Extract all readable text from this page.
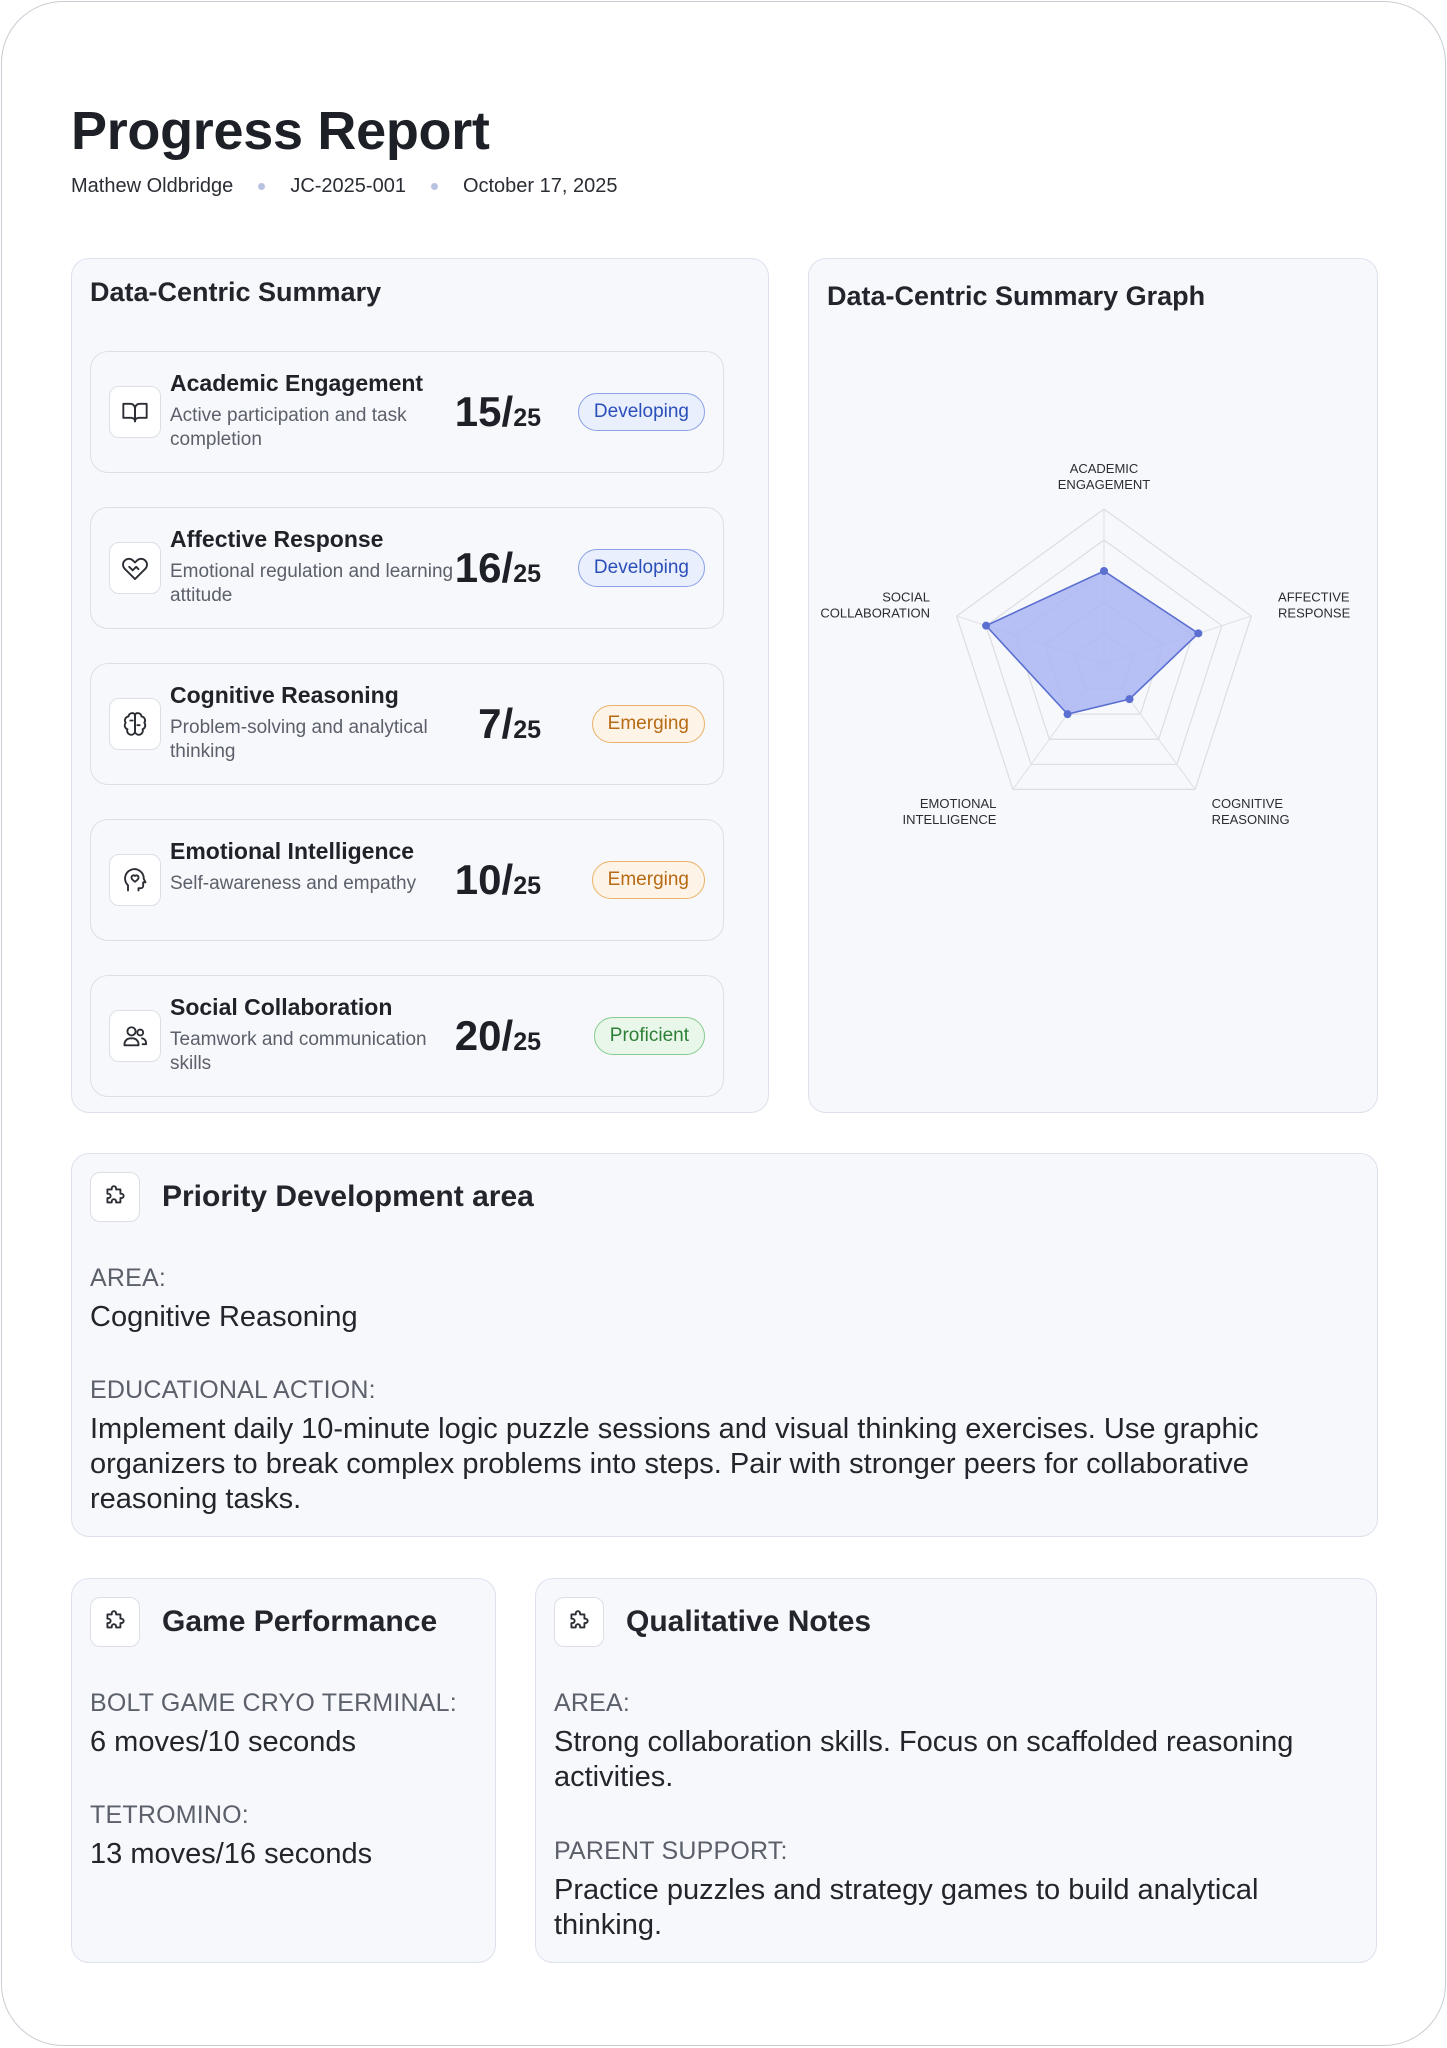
Progress Report
Mathew Oldbridge	JC-2025-001	October 17, 2025
Data-Centric Summary
Academic Engagement
Active participation and task completion
15/25	Developing
Affective Response
Emotional regulation and learning attitude
16/25	Developing
Cognitive Reasoning
Problem-solving and analytical thinking
7/25	Emerging
Emotional Intelligence
Self-awareness and empathy 10/25	Emerging
Social Collaboration
Teamwork and communication skills
20/25	Proficient
Data-Centric Summary Graph
ACADEMIC ENGAGEMENT
AFFECTIVE RESPONSE
COGNITIVE REASONING
EMOTIONAL INTELLIGENCE
SOCIAL COLLABORATION
Priority Development area
AREA:
Cognitive Reasoning
EDUCATIONAL ACTION:
Implement daily 10-minute logic puzzle sessions and visual thinking exercises. Use graphic organizers to break complex problems into steps. Pair with stronger peers for collaborative reasoning tasks.
Game Performance
BOLT GAME CRYO TERMINAL:
6 moves/10 seconds
TETROMINO:
13 moves/16 seconds
Qualitative Notes
AREA:
Strong collaboration skills. Focus on scaffolded reasoning activities.
PARENT SUPPORT:
Practice puzzles and strategy games to build analytical thinking.
